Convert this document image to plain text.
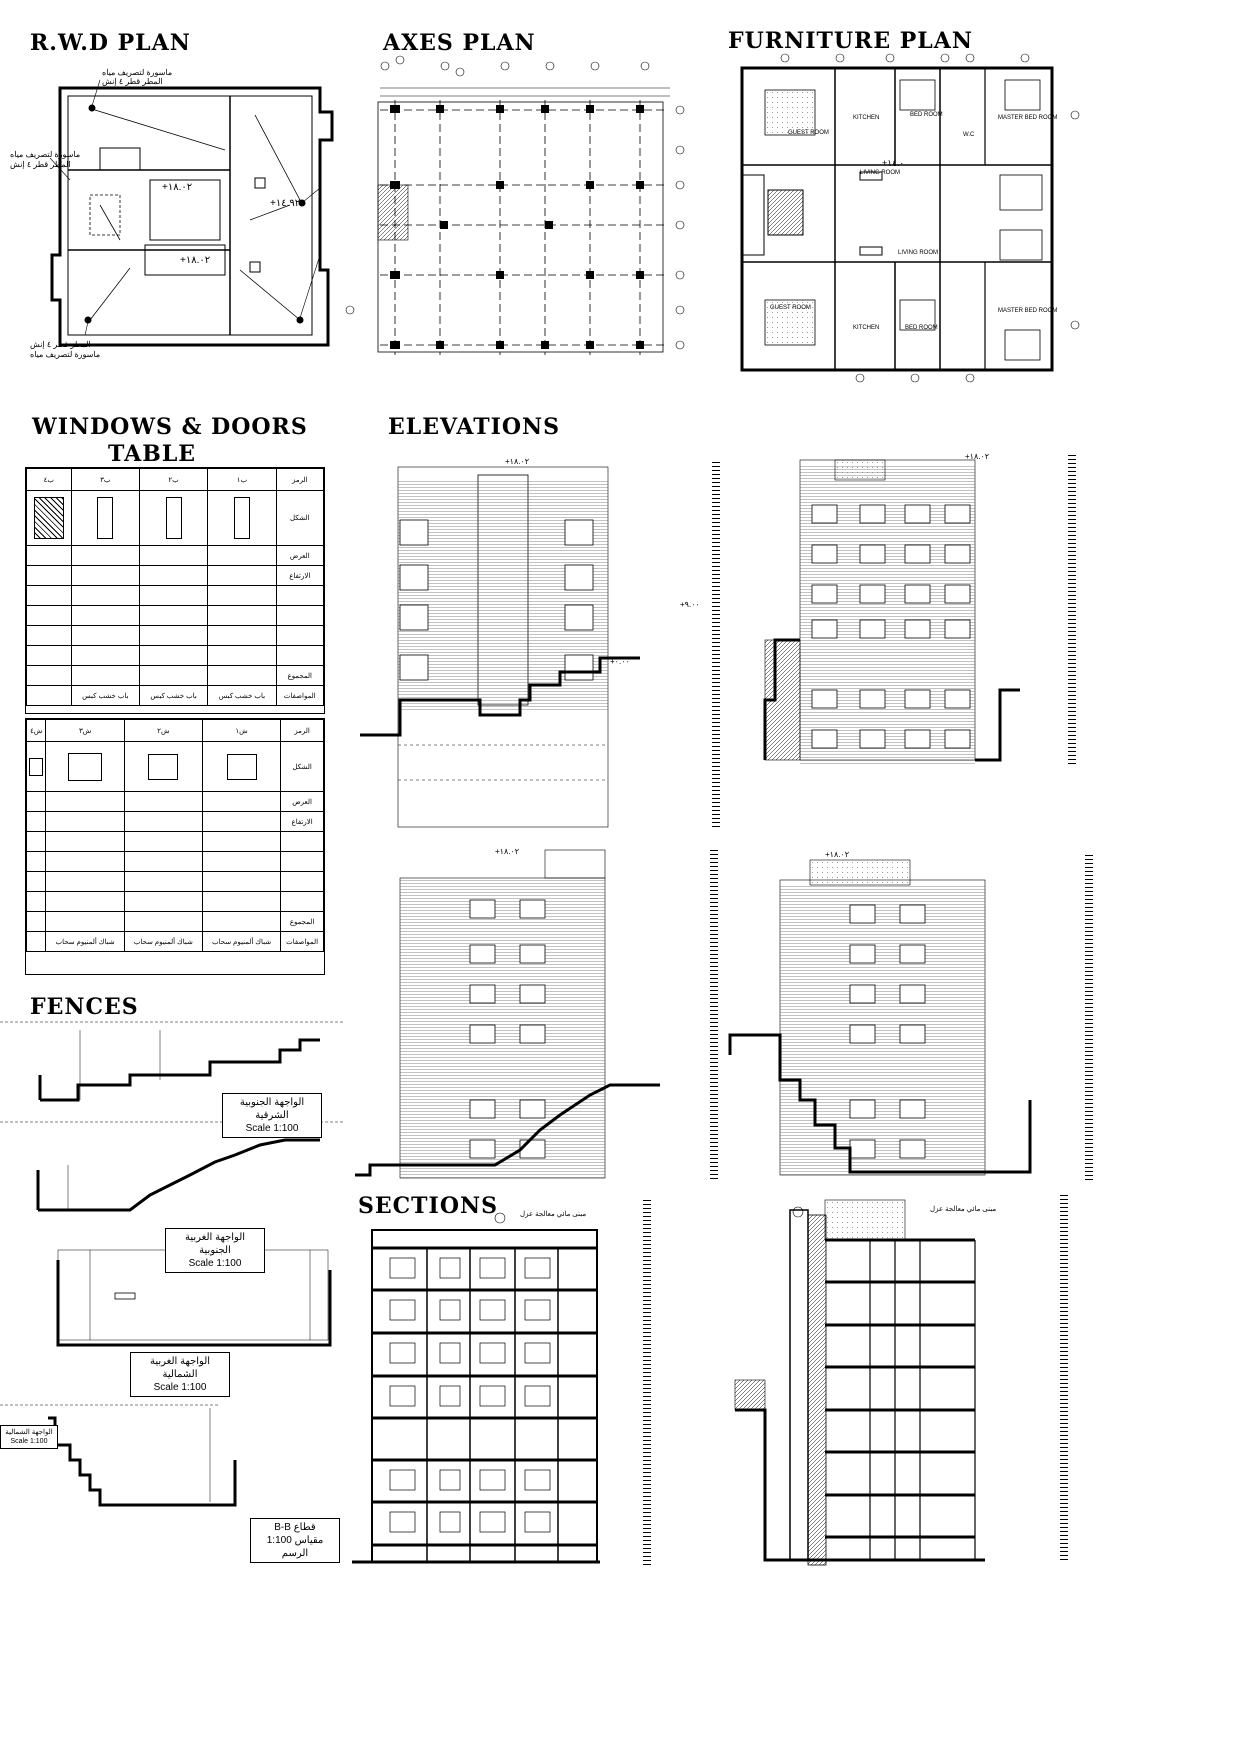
R.W.D PLAN	AXES PLAN	FURNITURE PLAN
WINDOWS & DOORS
TABLE
ELEVATIONS
FENCES
SECTIONS
ماسورة لتصريف مياه
المطر قطر ٤ إنش
ماسورة لتصريف مياه
المطر قطر ٤ إنش
المطر قطر ٤ إنش
ماسورة لتصريف مياه
+١٨.٠٢
+١٤.٩٢
+١٨.٠٢
GUEST ROOM
KITCHEN	BED ROOM	MASTER BED ROOM
LIVING ROOM
LIVING ROOM
GUEST ROOM
KITCHEN	BED ROOM
MASTER BED ROOM
W.C
+١٤.٠
ب٤	ب٣	ب٢	ب١	الرمز

	الشكل
				العرض
				الارتفاع

				المجموع
	باب خشب كبس	باب خشب كبس	باب خشب كبس	المواصفات
ش٤	ش٣	ش٢	ش١	الرمز

	الشكل
				العرض
				الارتفاع

				المجموع
	شباك ألمنيوم سحاب	شباك ألمنيوم سحاب	شباك ألمنيوم سحاب	المواصفات
الواجهة الجنوبية الشرقية
Scale 1:100
الواجهة الغربية الجنوبية
Scale 1:100
الواجهة الغربية الشمالية
Scale 1:100
الواجهة الشمالية
Scale 1:100
B-B قطاع
1:100 مقياس الرسم
+١٨.٠٢
+٩.٠٠
+٠.٠٠
+١٨.٠٢
+١٨.٠٢	+١٨.٠٢
مبنى مائي معالجة عزل
مبنى مائي معالجة عزل
